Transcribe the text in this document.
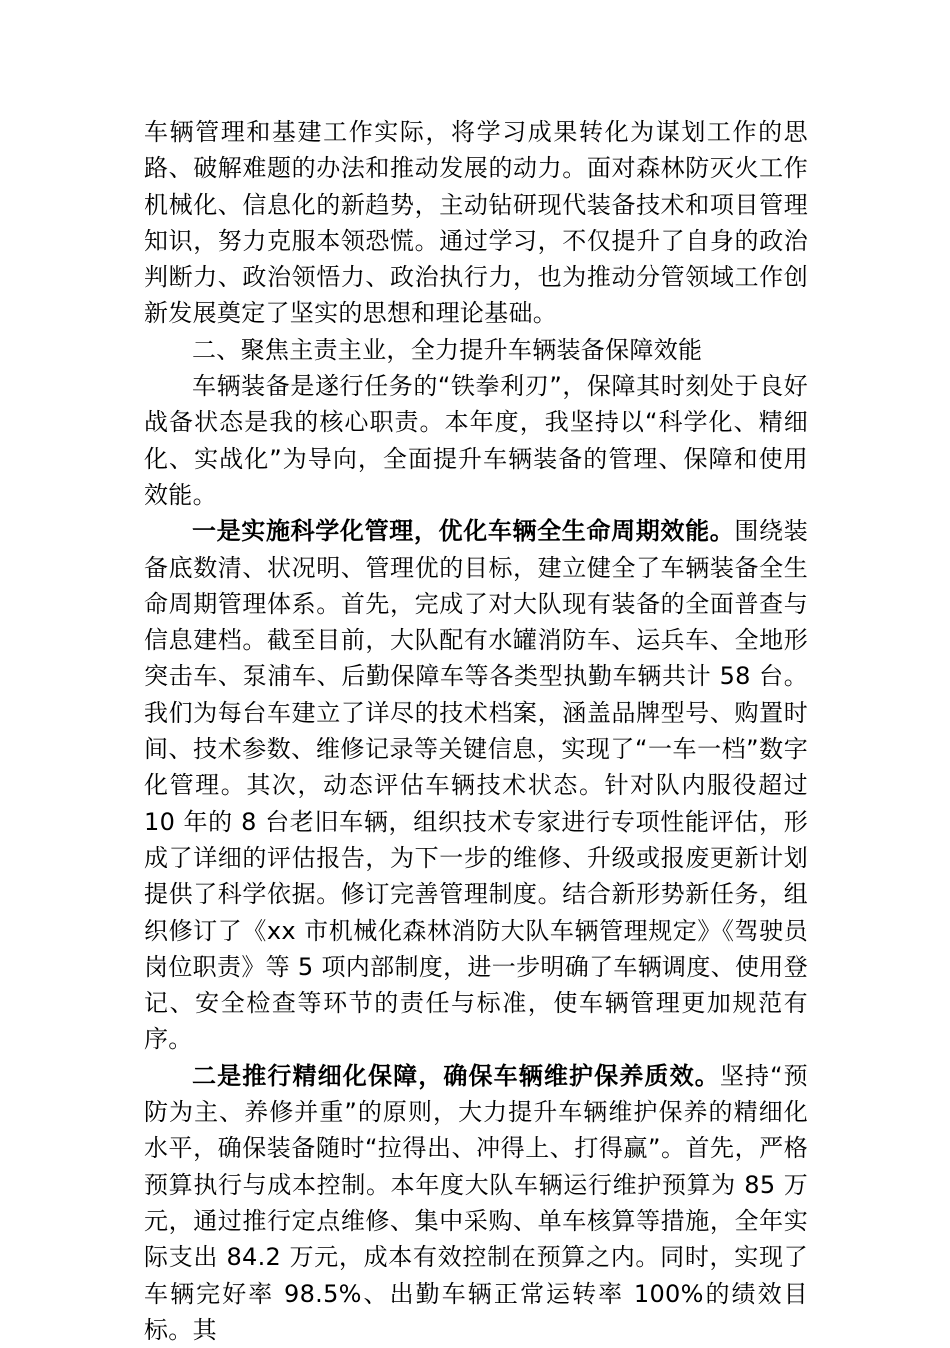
车辆管理和基建工作实际，将学习成果转化为谋划工作的思路、破解难题的办法和推动发展的动力。面对森林防灭火工作机械化、信息化的新趋势，主动钻研现代装备技术和项目管理知识，努力克服本领恐慌。通过学习，不仅提升了自身的政治判断力、政治领悟力、政治执行力，也为推动分管领域工作创新发展奠定了坚实的思想和理论基础。

二、聚焦主责主业，全力提升车辆装备保障效能

车辆装备是遂行任务的“铁拳利刃”，保障其时刻处于良好战备状态是我的核心职责。本年度，我坚持以“科学化、精细化、实战化”为导向，全面提升车辆装备的管理、保障和使用效能。

一是实施科学化管理，优化车辆全生命周期效能。围绕装备底数清、状况明、管理优的目标，建立健全了车辆装备全生命周期管理体系。首先，完成了对大队现有装备的全面普查与信息建档。截至目前，大队配有水罐消防车、运兵车、全地形突击车、泵浦车、后勤保障车等各类型执勤车辆共计 58 台。我们为每台车建立了详尽的技术档案，涵盖品牌型号、购置时间、技术参数、维修记录等关键信息，实现了“一车一档”数字化管理。其次，动态评估车辆技术状态。针对队内服役超过 10 年的 8 台老旧车辆，组织技术专家进行专项性能评估，形成了详细的评估报告，为下一步的维修、升级或报废更新计划提供了科学依据。修订完善管理制度。结合新形势新任务，组织修订了《xx 市机械化森林消防大队车辆管理规定》《驾驶员岗位职责》等 5 项内部制度，进一步明确了车辆调度、使用登记、安全检查等环节的责任与标准，使车辆管理更加规范有序。

二是推行精细化保障，确保车辆维护保养质效。坚持“预防为主、养修并重”的原则，大力提升车辆维护保养的精细化水平，确保装备随时“拉得出、冲得上、打得赢”。首先，严格预算执行与成本控制。本年度大队车辆运行维护预算为 85 万元，通过推行定点维修、集中采购、单车核算等措施，全年实际支出 84.2 万元，成本有效控制在预算之内。同时，实现了车辆完好率 98.5%、出勤车辆正常运转率 100%的绩效目标。其
